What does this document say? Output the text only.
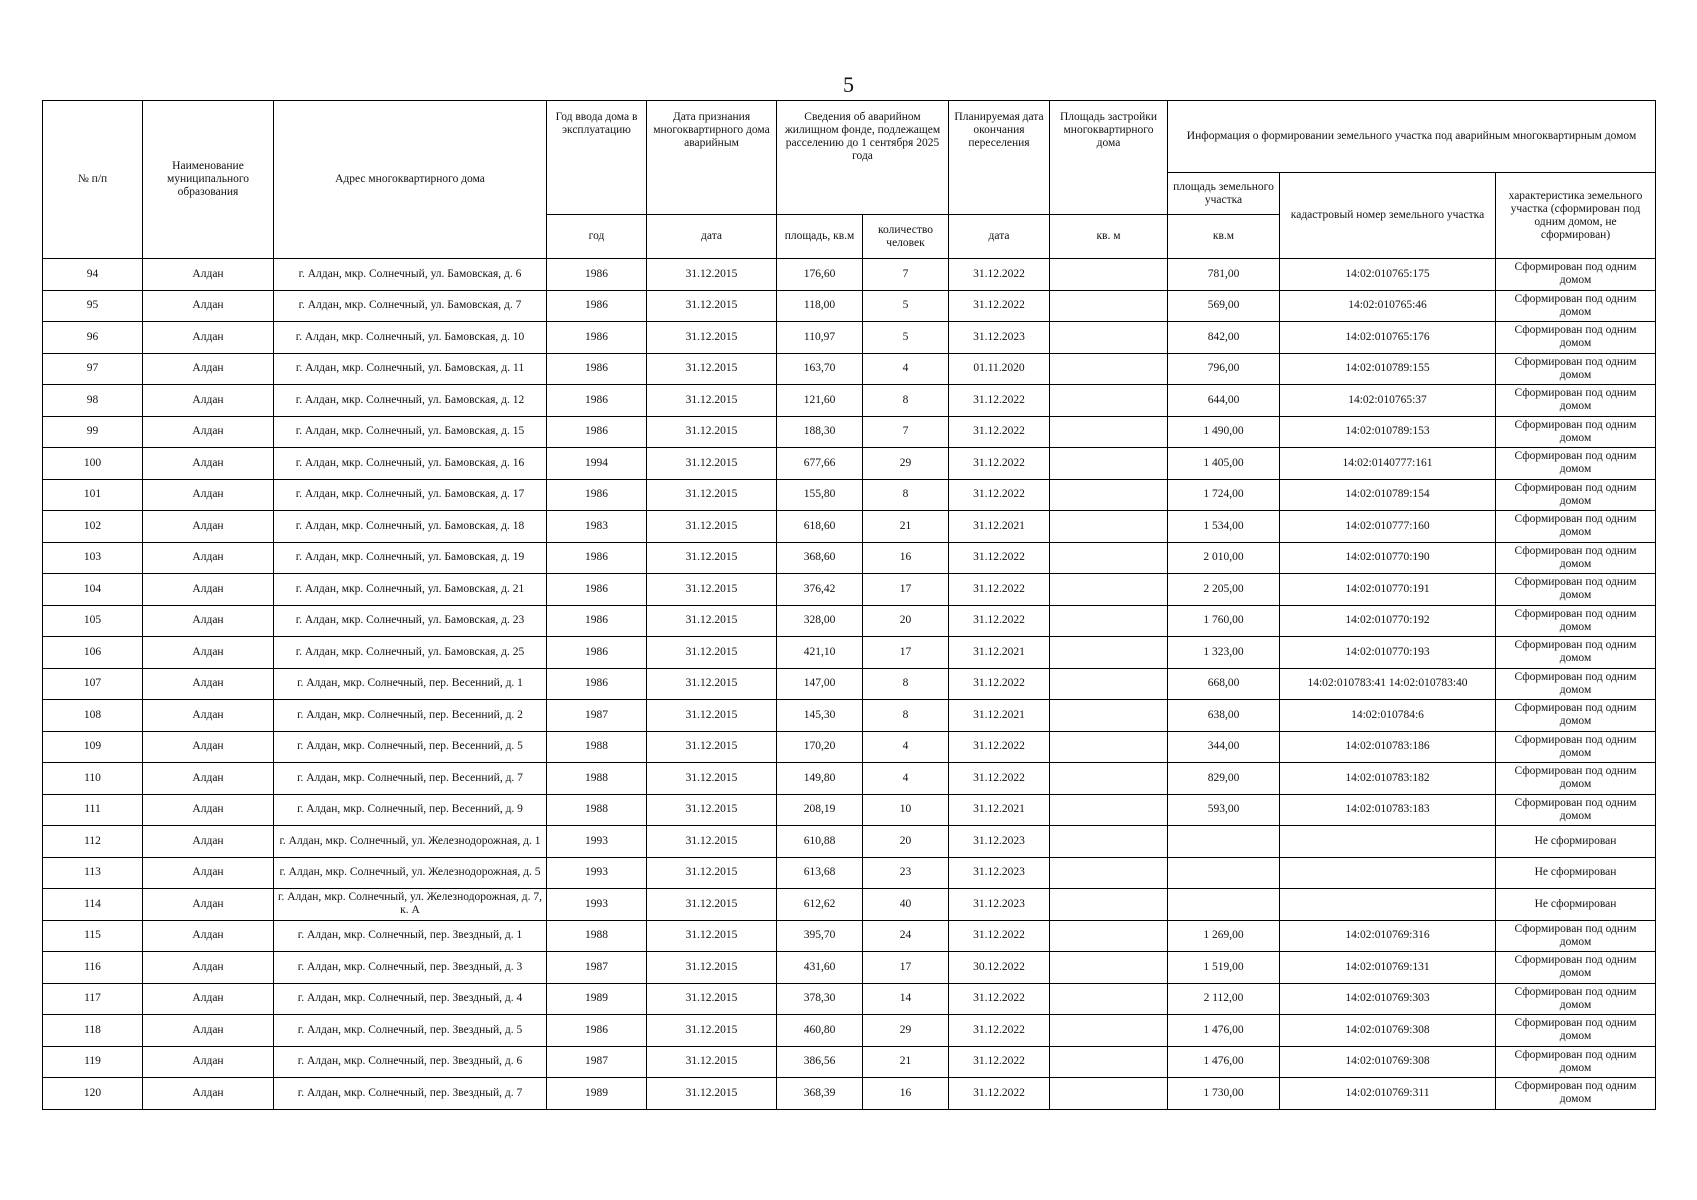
5
№ п/п	Наименование муниципального образования	Адрес многоквартирного дома	Год ввода дома в эксплуатацию	Дата признания многоквартирного дома аварийным	Сведения об аварийном жилищном фонде, подлежащем расселению до 1 сентября 2025 года		Планируемая дата окончания переселения	Площадь застройки многоквартирного дома	Информация о формировании земельного участка под аварийным многоквартирным домом		
									площадь земельного участка	кадастровый номер земельного участка	характеристика земельного участка (сформирован под одним домом, не сформирован)
			год	дата	площадь, кв.м	количество человек	дата	кв. м	кв.м		
94	Алдан	г. Алдан, мкр. Солнечный, ул. Бамовская, д. 6	1986	31.12.2015	176,60	7	31.12.2022		781,00	14:02:010765:175	Сформирован под одним домом
95	Алдан	г. Алдан, мкр. Солнечный, ул. Бамовская, д. 7	1986	31.12.2015	118,00	5	31.12.2022		569,00	14:02:010765:46	Сформирован под одним домом
96	Алдан	г. Алдан, мкр. Солнечный, ул. Бамовская, д. 10	1986	31.12.2015	110,97	5	31.12.2023		842,00	14:02:010765:176	Сформирован под одним домом
97	Алдан	г. Алдан, мкр. Солнечный, ул. Бамовская, д. 11	1986	31.12.2015	163,70	4	01.11.2020		796,00	14:02:010789:155	Сформирован под одним домом
98	Алдан	г. Алдан, мкр. Солнечный, ул. Бамовская, д. 12	1986	31.12.2015	121,60	8	31.12.2022		644,00	14:02:010765:37	Сформирован под одним домом
99	Алдан	г. Алдан, мкр. Солнечный, ул. Бамовская, д. 15	1986	31.12.2015	188,30	7	31.12.2022		1 490,00	14:02:010789:153	Сформирован под одним домом
100	Алдан	г. Алдан, мкр. Солнечный, ул. Бамовская, д. 16	1994	31.12.2015	677,66	29	31.12.2022		1 405,00	14:02:0140777:161	Сформирован под одним домом
101	Алдан	г. Алдан, мкр. Солнечный, ул. Бамовская, д. 17	1986	31.12.2015	155,80	8	31.12.2022		1 724,00	14:02:010789:154	Сформирован под одним домом
102	Алдан	г. Алдан, мкр. Солнечный, ул. Бамовская, д. 18	1983	31.12.2015	618,60	21	31.12.2021		1 534,00	14:02:010777:160	Сформирован под одним домом
103	Алдан	г. Алдан, мкр. Солнечный, ул. Бамовская, д. 19	1986	31.12.2015	368,60	16	31.12.2022		2 010,00	14:02:010770:190	Сформирован под одним домом
104	Алдан	г. Алдан, мкр. Солнечный, ул. Бамовская, д. 21	1986	31.12.2015	376,42	17	31.12.2022		2 205,00	14:02:010770:191	Сформирован под одним домом
105	Алдан	г. Алдан, мкр. Солнечный, ул. Бамовская, д. 23	1986	31.12.2015	328,00	20	31.12.2022		1 760,00	14:02:010770:192	Сформирован под одним домом
106	Алдан	г. Алдан, мкр. Солнечный, ул. Бамовская, д. 25	1986	31.12.2015	421,10	17	31.12.2021		1 323,00	14:02:010770:193	Сформирован под одним домом
107	Алдан	г. Алдан, мкр. Солнечный, пер. Весенний, д. 1	1986	31.12.2015	147,00	8	31.12.2022		668,00	14:02:010783:41 14:02:010783:40	Сформирован под одним домом
108	Алдан	г. Алдан, мкр. Солнечный, пер. Весенний, д. 2	1987	31.12.2015	145,30	8	31.12.2021		638,00	14:02:010784:6	Сформирован под одним домом
109	Алдан	г. Алдан, мкр. Солнечный, пер. Весенний, д. 5	1988	31.12.2015	170,20	4	31.12.2022		344,00	14:02:010783:186	Сформирован под одним домом
110	Алдан	г. Алдан, мкр. Солнечный, пер. Весенний, д. 7	1988	31.12.2015	149,80	4	31.12.2022		829,00	14:02:010783:182	Сформирован под одним домом
111	Алдан	г. Алдан, мкр. Солнечный, пер. Весенний, д. 9	1988	31.12.2015	208,19	10	31.12.2021		593,00	14:02:010783:183	Сформирован под одним домом
112	Алдан	г. Алдан, мкр. Солнечный, ул. Железнодорожная, д. 1	1993	31.12.2015	610,88	20	31.12.2023				Не сформирован
113	Алдан	г. Алдан, мкр. Солнечный, ул. Железнодорожная, д. 5	1993	31.12.2015	613,68	23	31.12.2023				Не сформирован
114	Алдан	г. Алдан, мкр. Солнечный, ул. Железнодорожная, д. 7, к. А	1993	31.12.2015	612,62	40	31.12.2023				Не сформирован
115	Алдан	г. Алдан, мкр. Солнечный, пер. Звездный, д. 1	1988	31.12.2015	395,70	24	31.12.2022		1 269,00	14:02:010769:316	Сформирован под одним домом
116	Алдан	г. Алдан, мкр. Солнечный, пер. Звездный, д. 3	1987	31.12.2015	431,60	17	30.12.2022		1 519,00	14:02:010769:131	Сформирован под одним домом
117	Алдан	г. Алдан, мкр. Солнечный, пер. Звездный, д. 4	1989	31.12.2015	378,30	14	31.12.2022		2 112,00	14:02:010769:303	Сформирован под одним домом
118	Алдан	г. Алдан, мкр. Солнечный, пер. Звездный, д. 5	1986	31.12.2015	460,80	29	31.12.2022		1 476,00	14:02:010769:308	Сформирован под одним домом
119	Алдан	г. Алдан, мкр. Солнечный, пер. Звездный, д. 6	1987	31.12.2015	386,56	21	31.12.2022		1 476,00	14:02:010769:308	Сформирован под одним домом
120	Алдан	г. Алдан, мкр. Солнечный, пер. Звездный, д. 7	1989	31.12.2015	368,39	16	31.12.2022		1 730,00	14:02:010769:311	Сформирован под одним домом
